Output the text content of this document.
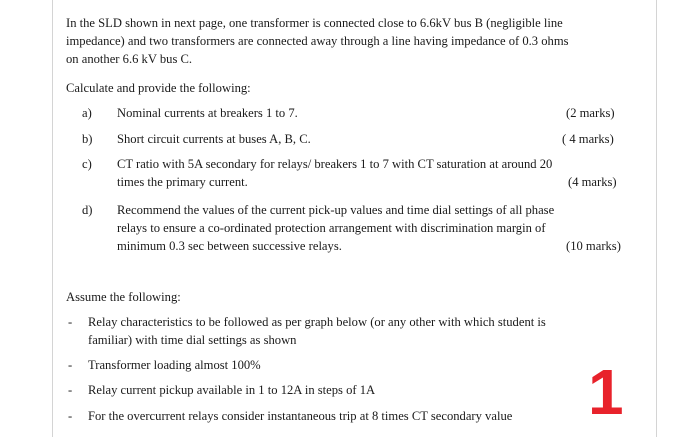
In the SLD shown in next page, one transformer is connected close to 6.6kV bus B (negligible line
impedance) and two transformers are connected away through a line having impedance of 0.3 ohms
on another 6.6 kV bus C.
Calculate and provide the following:
a) Nominal currents at breakers 1 to 7.	(2 marks)
b) Short circuit currents at buses A, B, C.	( 4 marks)
c) CT ratio with 5A secondary for relays/ breakers 1 to 7 with CT saturation at around 20
times the primary current.	(4 marks)
d) Recommend the values of the current pick-up values and time dial settings of all phase
relays to ensure a co-ordinated protection arrangement with discrimination margin of
minimum 0.3 sec between successive relays.	(10 marks)
Assume the following:
- Relay characteristics to be followed as per graph below (or any other with which student is
familiar) with time dial settings as shown
- Transformer loading almost 100%
- Relay current pickup available in 1 to 12A in steps of 1A
- For the overcurrent relays consider instantaneous trip at 8 times CT secondary value 1
